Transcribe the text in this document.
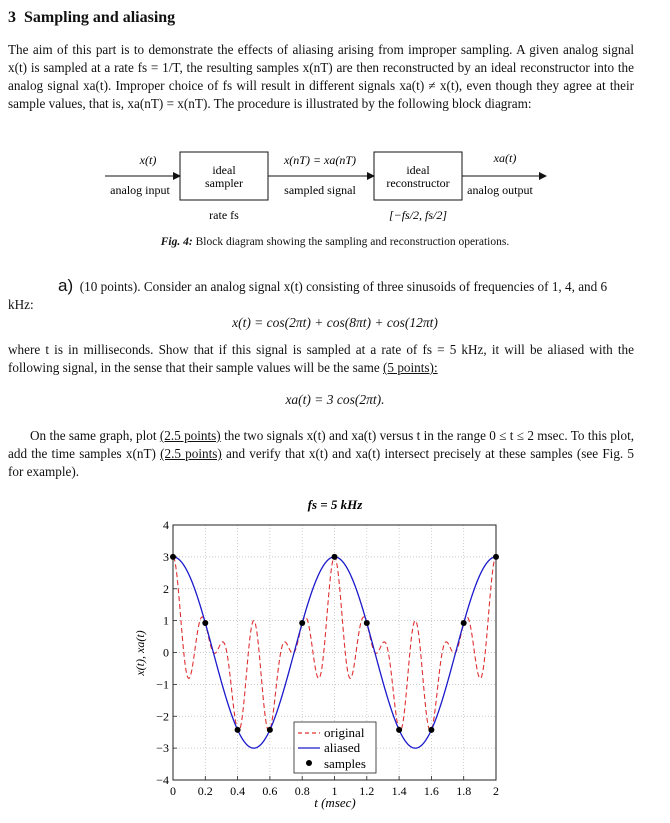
3 Sampling and aliasing
The aim of this part is to demonstrate the effects of aliasing arising from improper sampling. A given analog signal x(t) is sampled at a rate fs = 1/T, the resulting samples x(nT) are then reconstructed by an ideal reconstructor into the analog signal xa(t). Improper choice of fs will result in different signals xa(t) ≠ x(t), even though they agree at their sample values, that is, xa(nT) = x(nT). The procedure is illustrated by the following block diagram:
x(t)
analog input
ideal
sampler
rate fs
x(nT) = xa(nT)
sampled signal
ideal
reconstructor
[−fs/2, fs/2]
xa(t)
analog output
Fig. 4: Block diagram showing the sampling and reconstruction operations.
a) (10 points). Consider an analog signal x(t) consisting of three sinusoids of frequencies of 1, 4, and 6 kHz:
x(t) = cos(2πt) + cos(8πt) + cos(12πt)
where t is in milliseconds. Show that if this signal is sampled at a rate of fs = 5 kHz, it will be aliased with the following signal, in the sense that their sample values will be the same (5 points):
xa(t) = 3 cos(2πt).
On the same graph, plot (2.5 points) the two signals x(t) and xa(t) versus t in the range 0 ≤ t ≤ 2 msec. To this plot, add the time samples x(nT) (2.5 points) and verify that x(t) and xa(t) intersect precisely at these samples (see Fig. 5 for example).
fs = 5 kHz
0 0.2 0.4 0.6 0.8 1 1.2 1.4 1.6 1.8 2
−4
−3
−2
−1
0
1
2
3
4
t (msec)
x(t), xa(t)
original
aliased
samples
